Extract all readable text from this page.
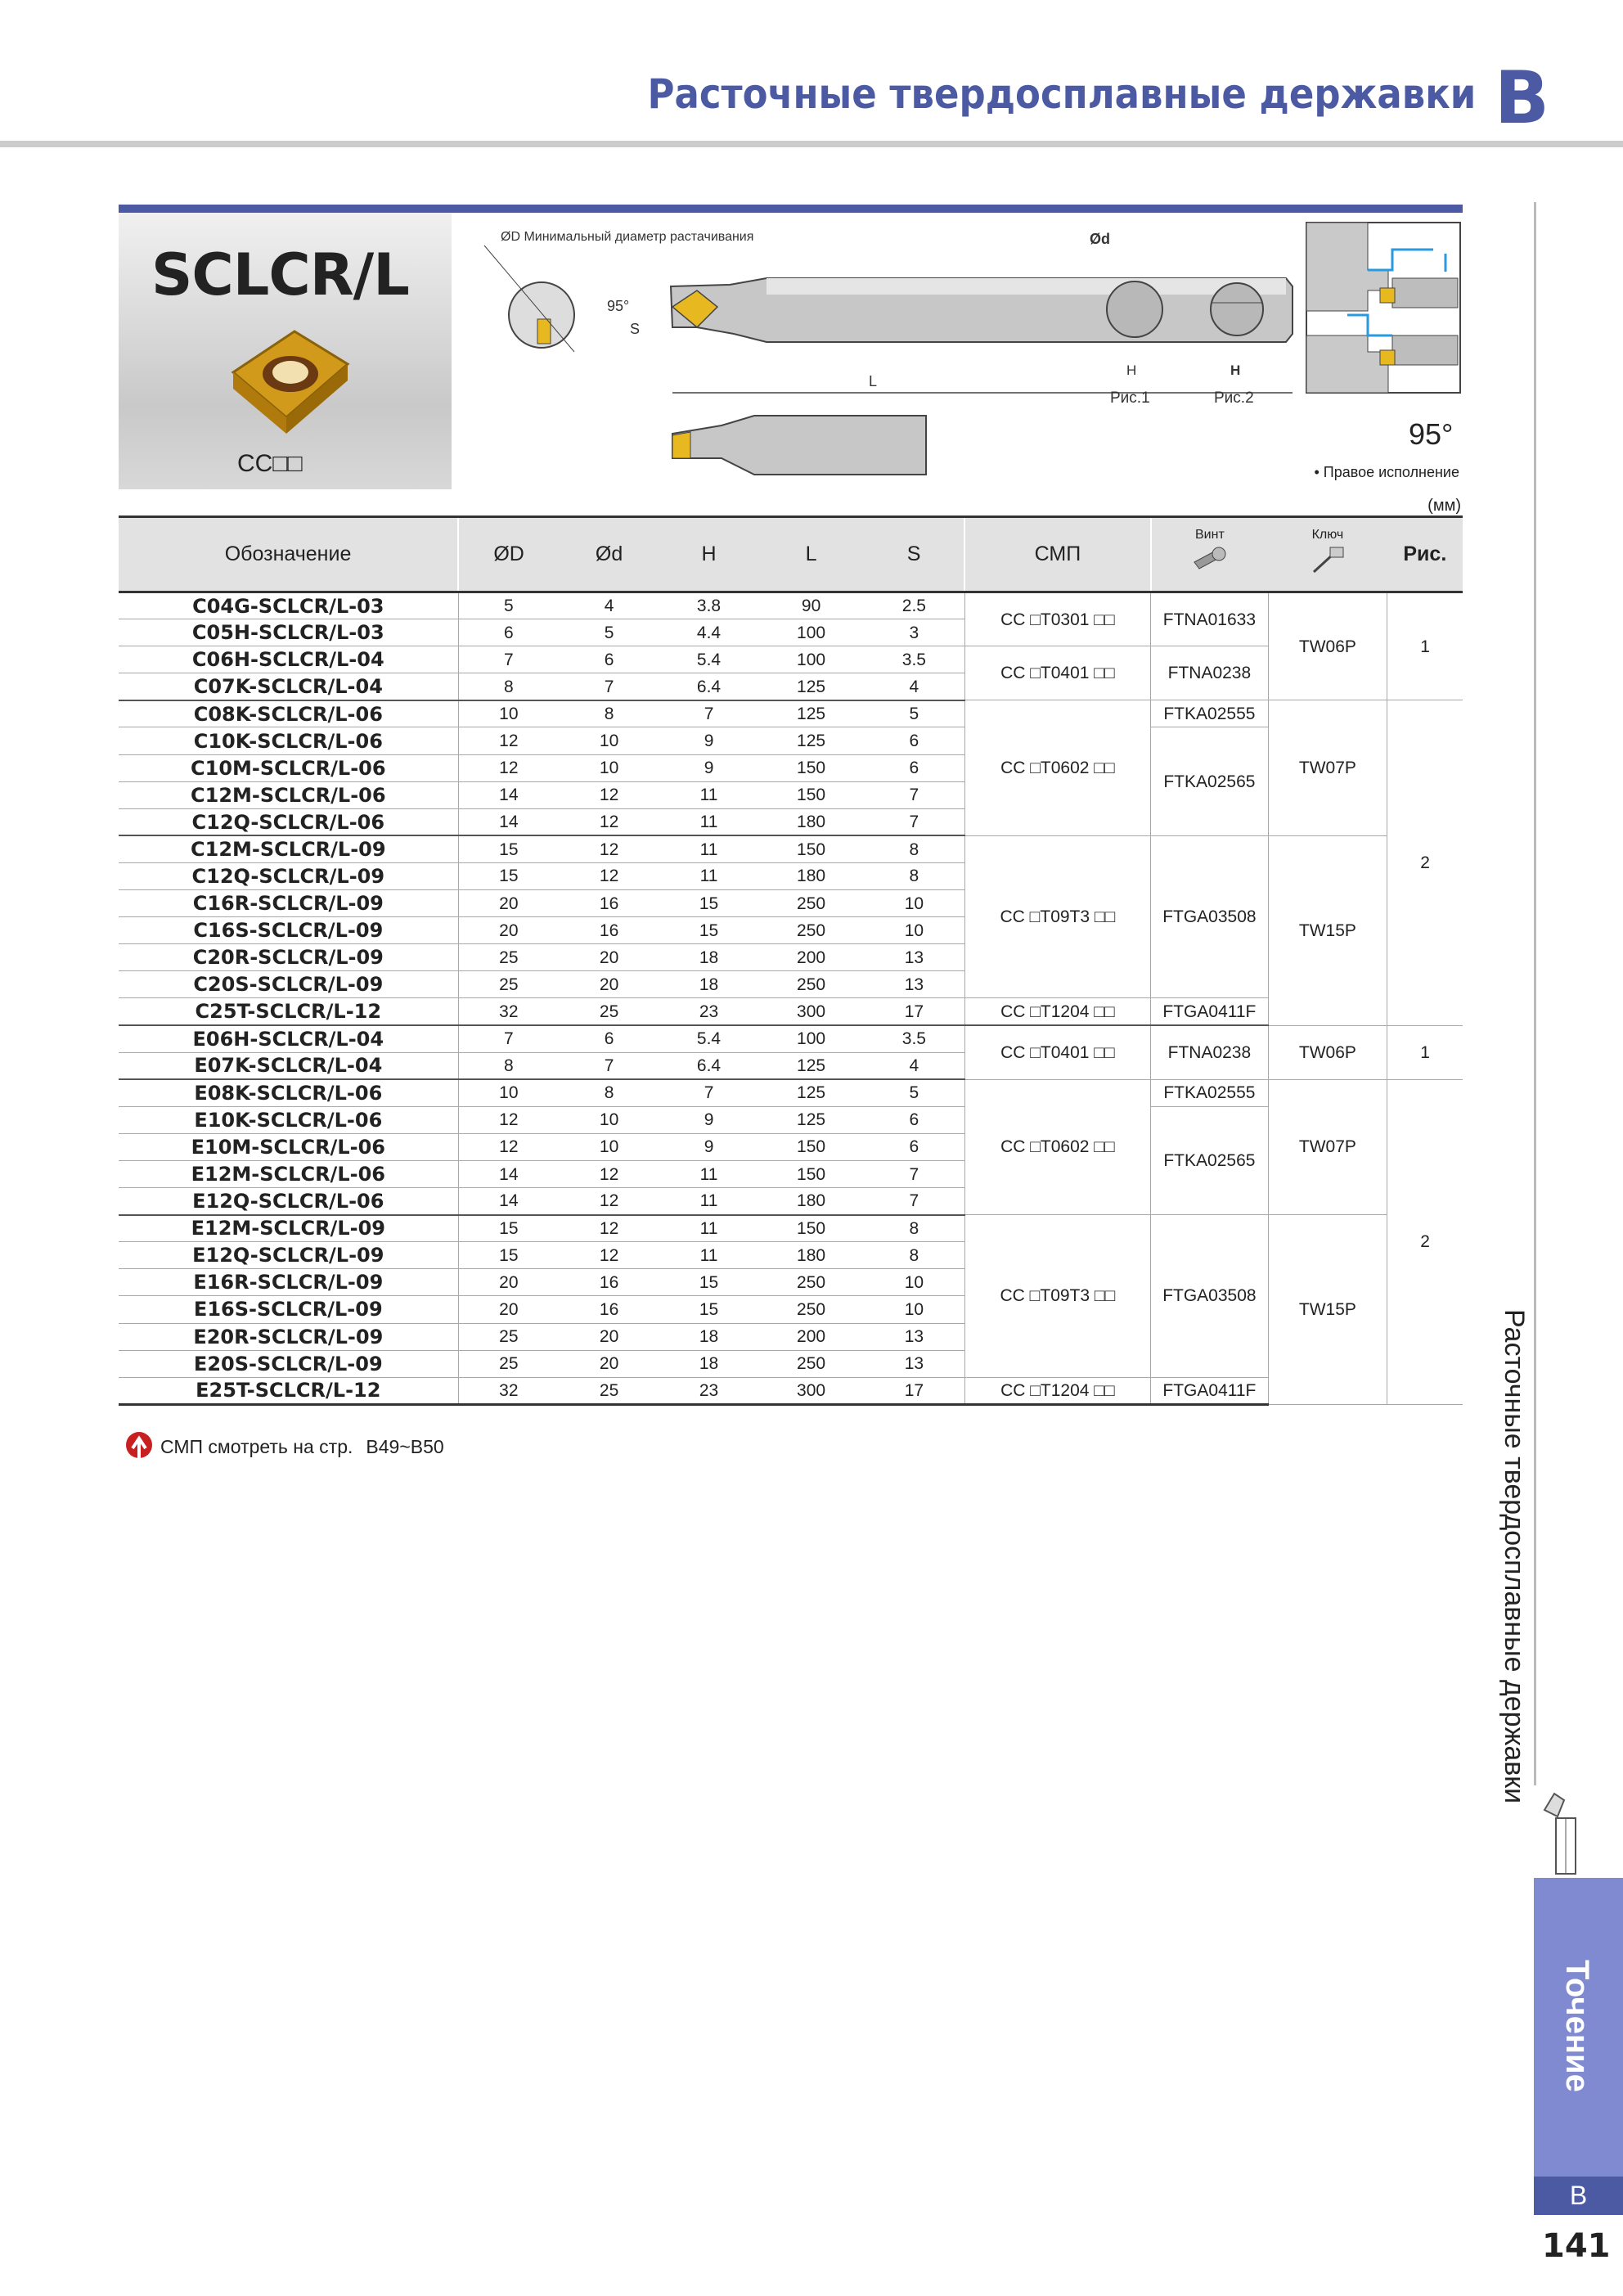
Расточные твердосплавные державки B
SCLCR/L
CC□□
ØD Минимальный диаметр растачивания
95°
S
L
Ød
H	H
Рис.1	Рис.2
95°
• Правое исполнение
(мм)
Обозначение	ØD	Ød	H	L	S	СМП	Винт	Ключ	Рис.
C04G-SCLCR/L-03	5	4	3.8	90	2.5	CC □T0301 □□	FTNA01633	TW06P	1
C05H-SCLCR/L-03	6	5	4.4	100	3				
C06H-SCLCR/L-04	7	6	5.4	100	3.5	CC □T0401 □□	FTNA0238		
C07K-SCLCR/L-04	8	7	6.4	125	4				
C08K-SCLCR/L-06	10	8	7	125	5	CC □T0602 □□	FTKA02555	TW07P	2
C10K-SCLCR/L-06	12	10	9	125	6		FTKA02565		
C10M-SCLCR/L-06	12	10	9	150	6				
C12M-SCLCR/L-06	14	12	11	150	7				
C12Q-SCLCR/L-06	14	12	11	180	7				
C12M-SCLCR/L-09	15	12	11	150	8	CC □T09T3 □□	FTGA03508	TW15P	
C12Q-SCLCR/L-09	15	12	11	180	8				
C16R-SCLCR/L-09	20	16	15	250	10				
C16S-SCLCR/L-09	20	16	15	250	10				
C20R-SCLCR/L-09	25	20	18	200	13				
C20S-SCLCR/L-09	25	20	18	250	13				
C25T-SCLCR/L-12	32	25	23	300	17	CC □T1204 □□	FTGA0411F		
E06H-SCLCR/L-04	7	6	5.4	100	3.5	CC □T0401 □□	FTNA0238	TW06P	1
E07K-SCLCR/L-04	8	7	6.4	125	4				
E08K-SCLCR/L-06	10	8	7	125	5	CC □T0602 □□	FTKA02555	TW07P	2
E10K-SCLCR/L-06	12	10	9	125	6		FTKA02565		
E10M-SCLCR/L-06	12	10	9	150	6				
E12M-SCLCR/L-06	14	12	11	150	7				
E12Q-SCLCR/L-06	14	12	11	180	7				
E12M-SCLCR/L-09	15	12	11	150	8	CC □T09T3 □□	FTGA03508	TW15P	
E12Q-SCLCR/L-09	15	12	11	180	8				
E16R-SCLCR/L-09	20	16	15	250	10				
E16S-SCLCR/L-09	20	16	15	250	10				
E20R-SCLCR/L-09	25	20	18	200	13				
E20S-SCLCR/L-09	25	20	18	250	13				
E25T-SCLCR/L-12	32	25	23	300	17	CC □T1204 □□	FTGA0411F		
СМП смотреть на стр. B49~B50	Расточные твердосплавные державки
Точение
B
141
